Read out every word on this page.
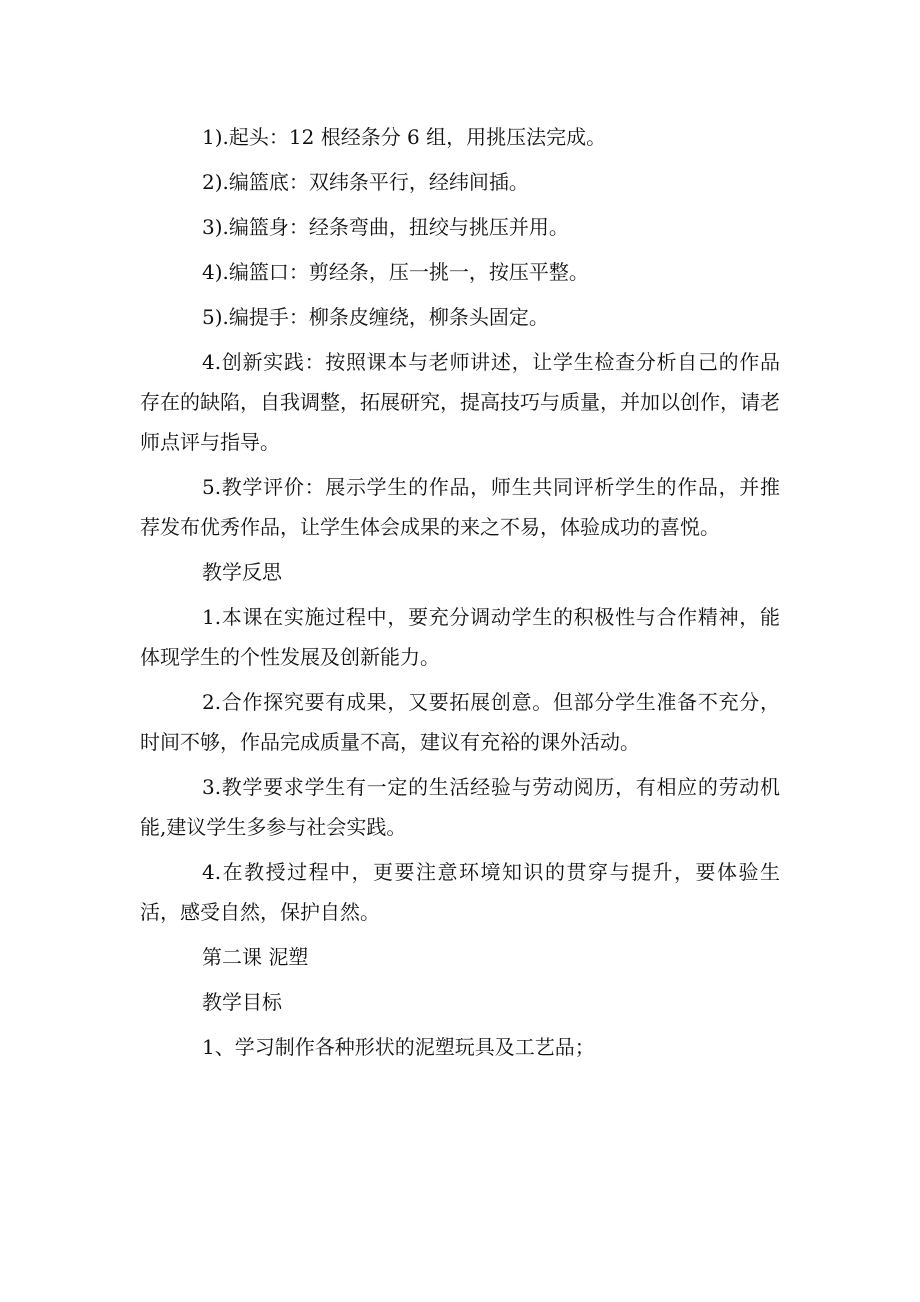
1).起头：12 根经条分 6 组，用挑压法完成。

2).编篮底：双纬条平行，经纬间插。

3).编篮身：经条弯曲，扭绞与挑压并用。

4).编篮口：剪经条，压一挑一，按压平整。

5).编提手：柳条皮缠绕，柳条头固定。

4.创新实践：按照课本与老师讲述，让学生检查分析自己的作品存在的缺陷，自我调整，拓展研究，提高技巧与质量，并加以创作，请老师点评与指导。

5.教学评价：展示学生的作品，师生共同评析学生的作品，并推荐发布优秀作品，让学生体会成果的来之不易，体验成功的喜悦。

教学反思

1.本课在实施过程中，要充分调动学生的积极性与合作精神，能体现学生的个性发展及创新能力。

2.合作探究要有成果，又要拓展创意。但部分学生准备不充分，时间不够，作品完成质量不高，建议有充裕的课外活动。

3.教学要求学生有一定的生活经验与劳动阅历，有相应的劳动机能,建议学生多参与社会实践。

4.在教授过程中，更要注意环境知识的贯穿与提升，要体验生活，感受自然，保护自然。

第二课 泥塑

教学目标

1、学习制作各种形状的泥塑玩具及工艺品；
